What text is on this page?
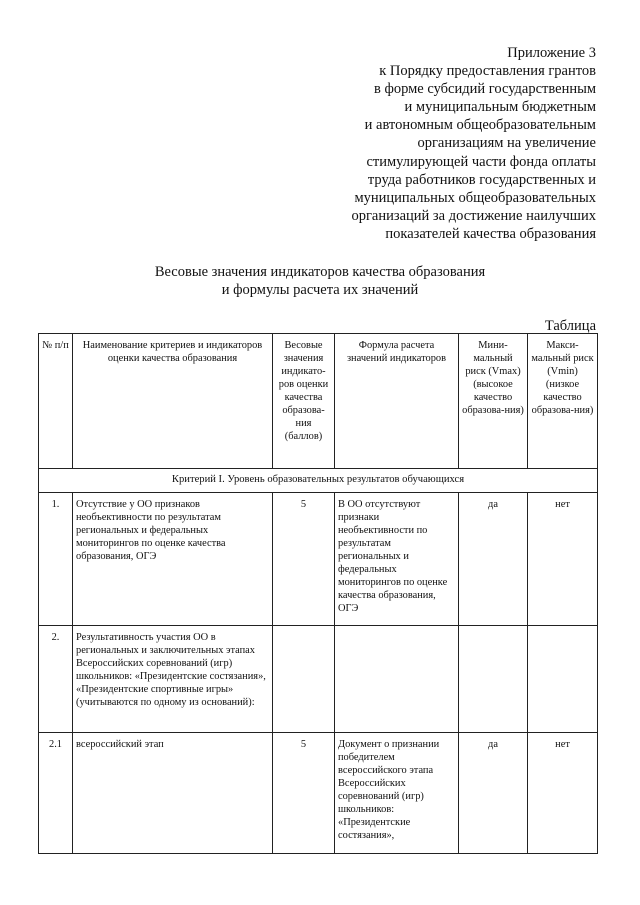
Приложение 3
к Порядку предоставления грантов
в форме субсидий государственным
и муниципальным бюджетным
и автономным общеобразовательным
организациям на увеличение
стимулирующей части фонда оплаты
труда работников государственных и
муниципальных общеобразовательных
организаций за достижение наилучших
показателей качества образования
Весовые значения индикаторов качества образования
и формулы расчета их значений
Таблица
№ п/п	Наименование критериев и индикаторов оценки качества образования	Весовые значения индикато-ров оценки качества образова-ния (баллов)	Формула расчета значений индикаторов	Мини-мальный риск (Vmax) (высокое качество образова-ния)	Макси-мальный риск (Vmin) (низкое качество образова-ния)
Критерий I. Уровень образовательных результатов обучающихся					
1.	Отсутствие у ОО признаков необъективности по результатам региональных и федеральных мониторингов по оценке качества образования, ОГЭ	5	В ОО отсутствуют признаки необъективности по результатам региональных и федеральных мониторингов по оценке качества образования, ОГЭ	да	нет
2.	Результативность участия ОО в региональных и заключительных этапах Всероссийских соревнований (игр) школьников: «Президентские состязания», «Президентские спортивные игры» (учитываются по одному из оснований):				
2.1	всероссийский этап	5	Документ о признании победителем всероссийского этапа Всероссийских соревнований (игр) школьников: «Президентские состязания»,	да	нет
